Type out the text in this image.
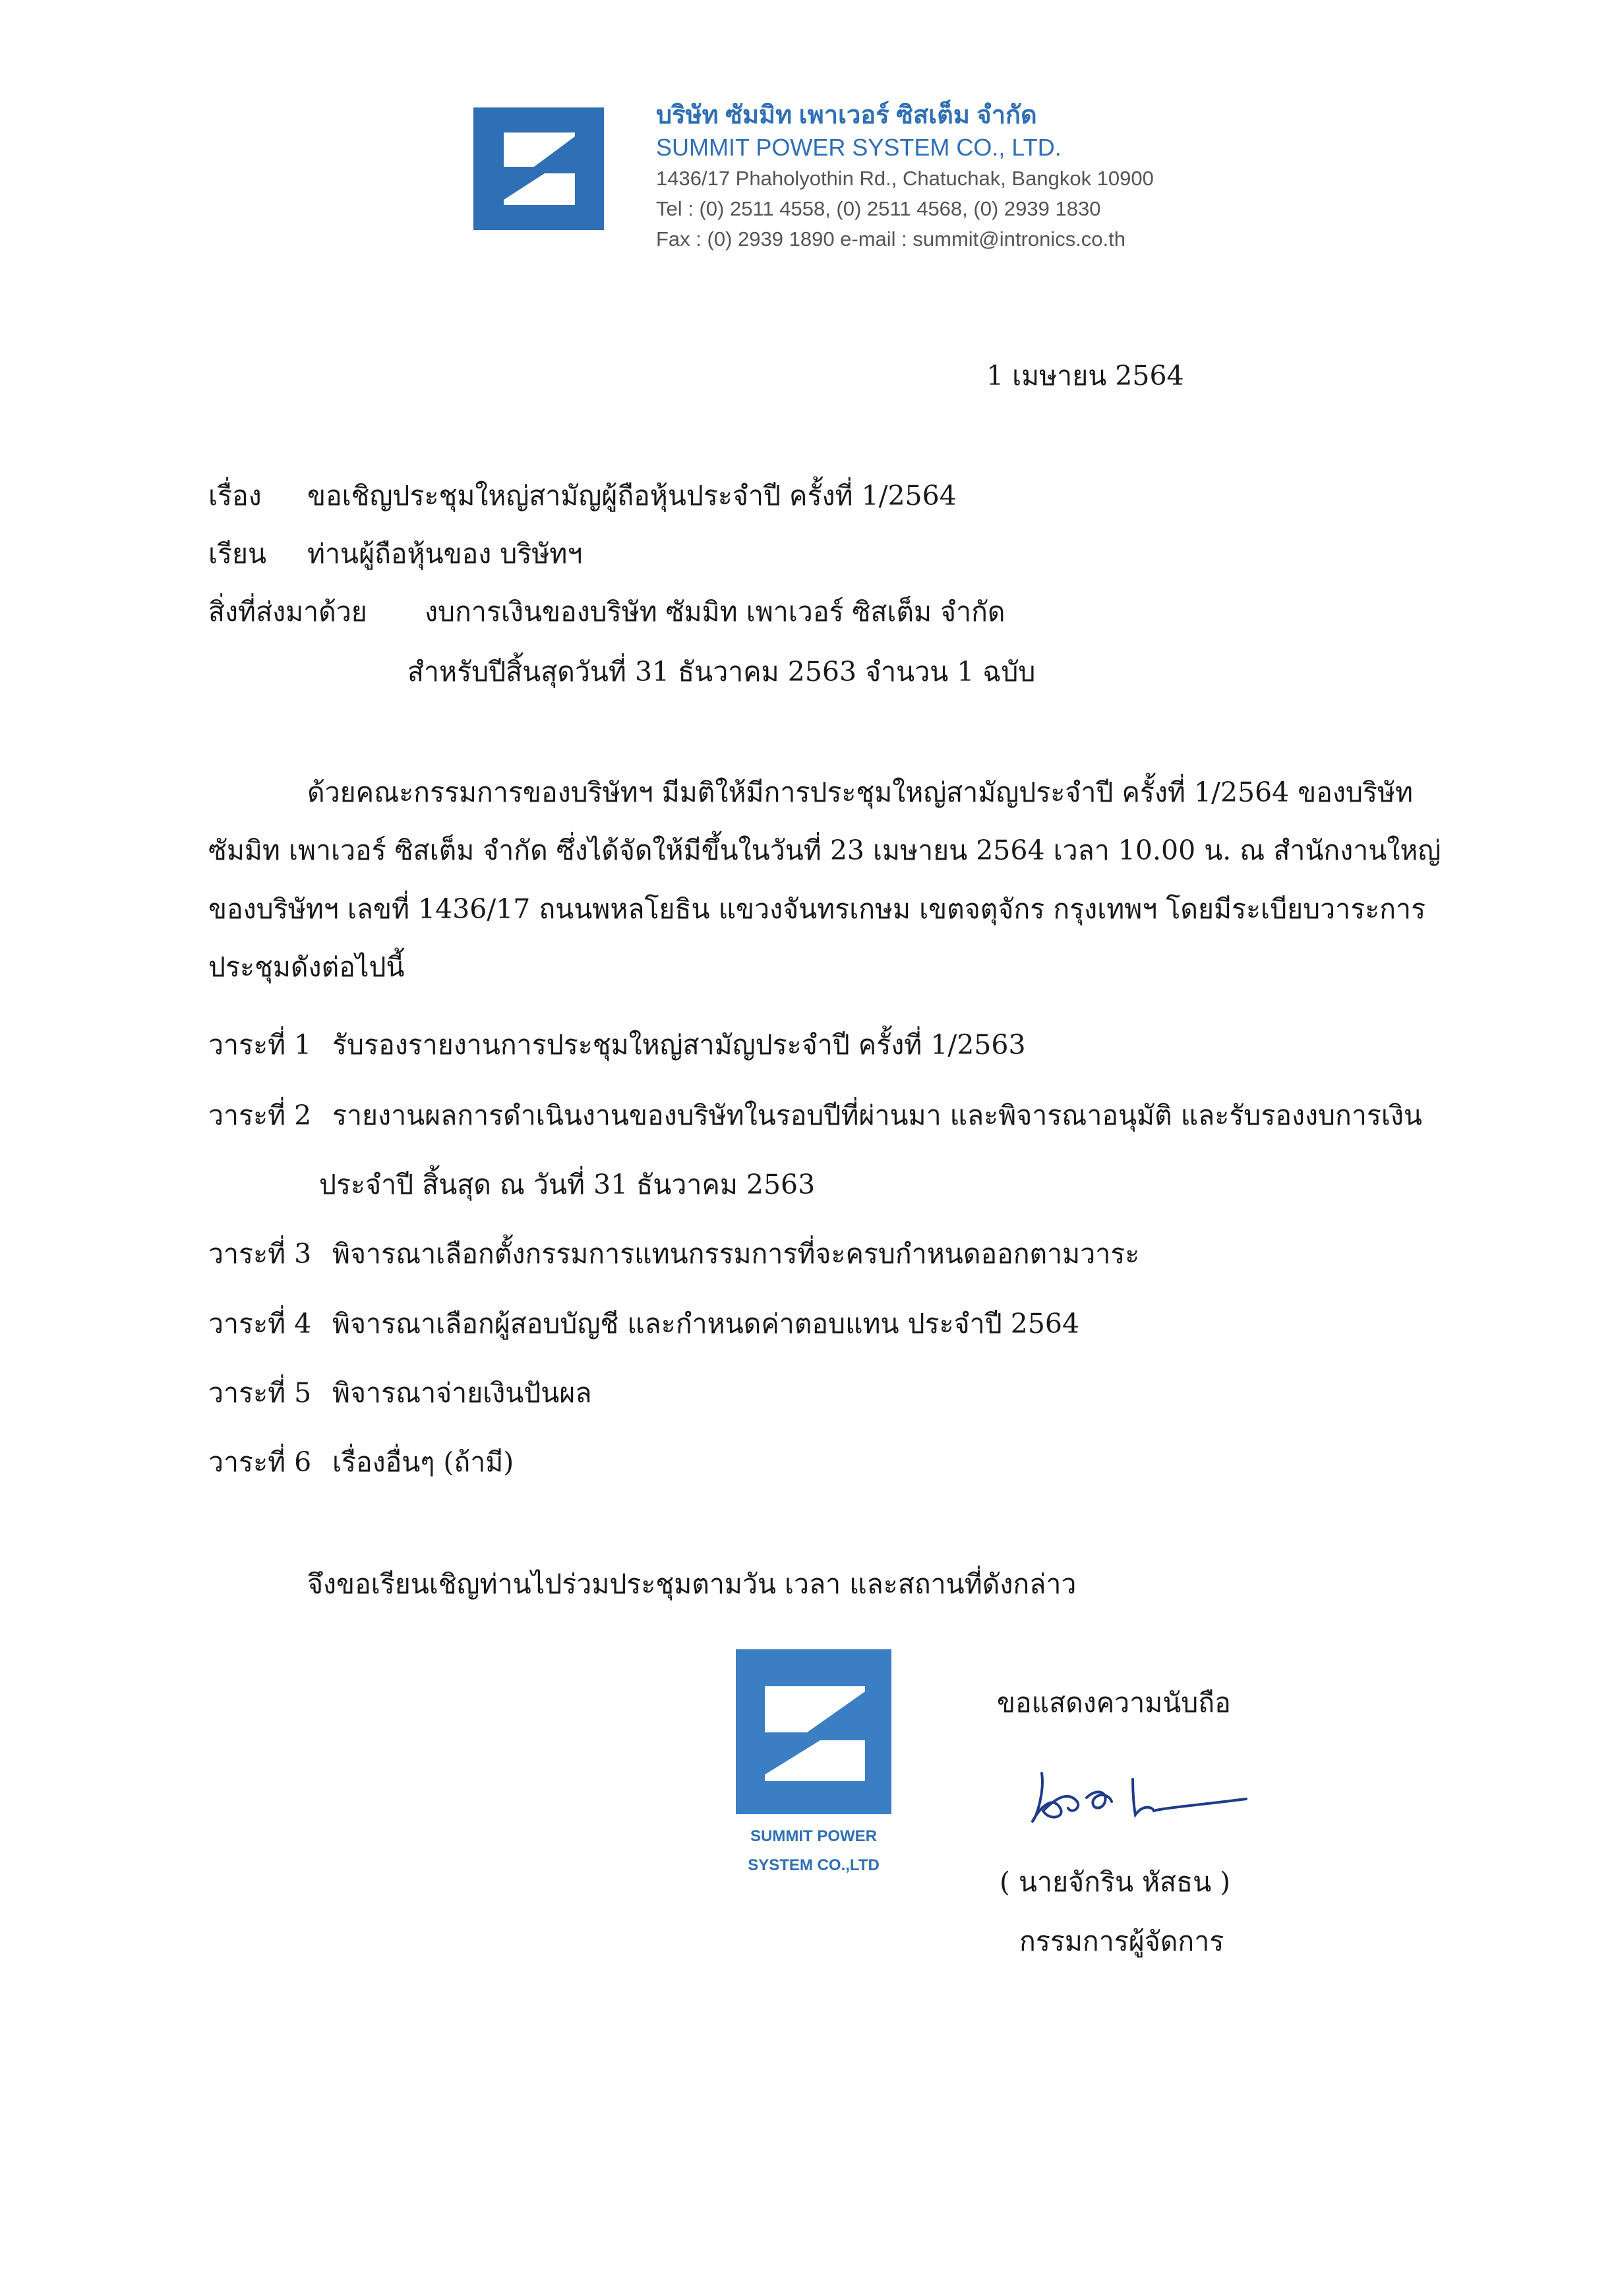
บริษัท ซัมมิท เพาเวอร์ ซิสเต็ม จำกัด
SUMMIT POWER SYSTEM CO., LTD.
1436/17 Phaholyothin Rd., Chatuchak, Bangkok 10900
Tel : (0) 2511 4558, (0) 2511 4568, (0) 2939 1830
Fax : (0) 2939 1890 e-mail : summit@intronics.co.th
1 เมษายน 2564
เรื่อง ขอเชิญประชุมใหญ่สามัญผู้ถือหุ้นประจำปี ครั้งที่ 1/2564
เรียน ท่านผู้ถือหุ้นของ บริษัทฯ
สิ่งที่ส่งมาด้วย งบการเงินของบริษัท ซัมมิท เพาเวอร์ ซิสเต็ม จำกัด
สำหรับปีสิ้นสุดวันที่ 31 ธันวาคม 2563 จำนวน 1 ฉบับ
ด้วยคณะกรรมการของบริษัทฯ มีมติให้มีการประชุมใหญ่สามัญประจำปี ครั้งที่ 1/2564 ของบริษัท
ซัมมิท เพาเวอร์ ซิสเต็ม จำกัด ซึ่งได้จัดให้มีขึ้นในวันที่ 23 เมษายน 2564 เวลา 10.00 น. ณ สำนักงานใหญ่
ของบริษัทฯ เลขที่ 1436/17 ถนนพหลโยธิน แขวงจันทรเกษม เขตจตุจักร กรุงเทพฯ โดยมีระเบียบวาระการ
ประชุมดังต่อไปนี้
วาระที่ 1 รับรองรายงานการประชุมใหญ่สามัญประจำปี ครั้งที่ 1/2563
วาระที่ 2 รายงานผลการดำเนินงานของบริษัทในรอบปีที่ผ่านมา และพิจารณาอนุมัติ และรับรองงบการเงิน
ประจำปี สิ้นสุด ณ วันที่ 31 ธันวาคม 2563
วาระที่ 3 พิจารณาเลือกตั้งกรรมการแทนกรรมการที่จะครบกำหนดออกตามวาระ
วาระที่ 4 พิจารณาเลือกผู้สอบบัญชี และกำหนดค่าตอบแทน ประจำปี 2564
วาระที่ 5 พิจารณาจ่ายเงินปันผล
วาระที่ 6 เรื่องอื่นๆ (ถ้ามี)
จึงขอเรียนเชิญท่านไปร่วมประชุมตามวัน เวลา และสถานที่ดังกล่าว
SUMMIT POWER
SYSTEM CO.,LTD
ขอแสดงความนับถือ
( นายจักริน หัสธน )
กรรมการผู้จัดการ
